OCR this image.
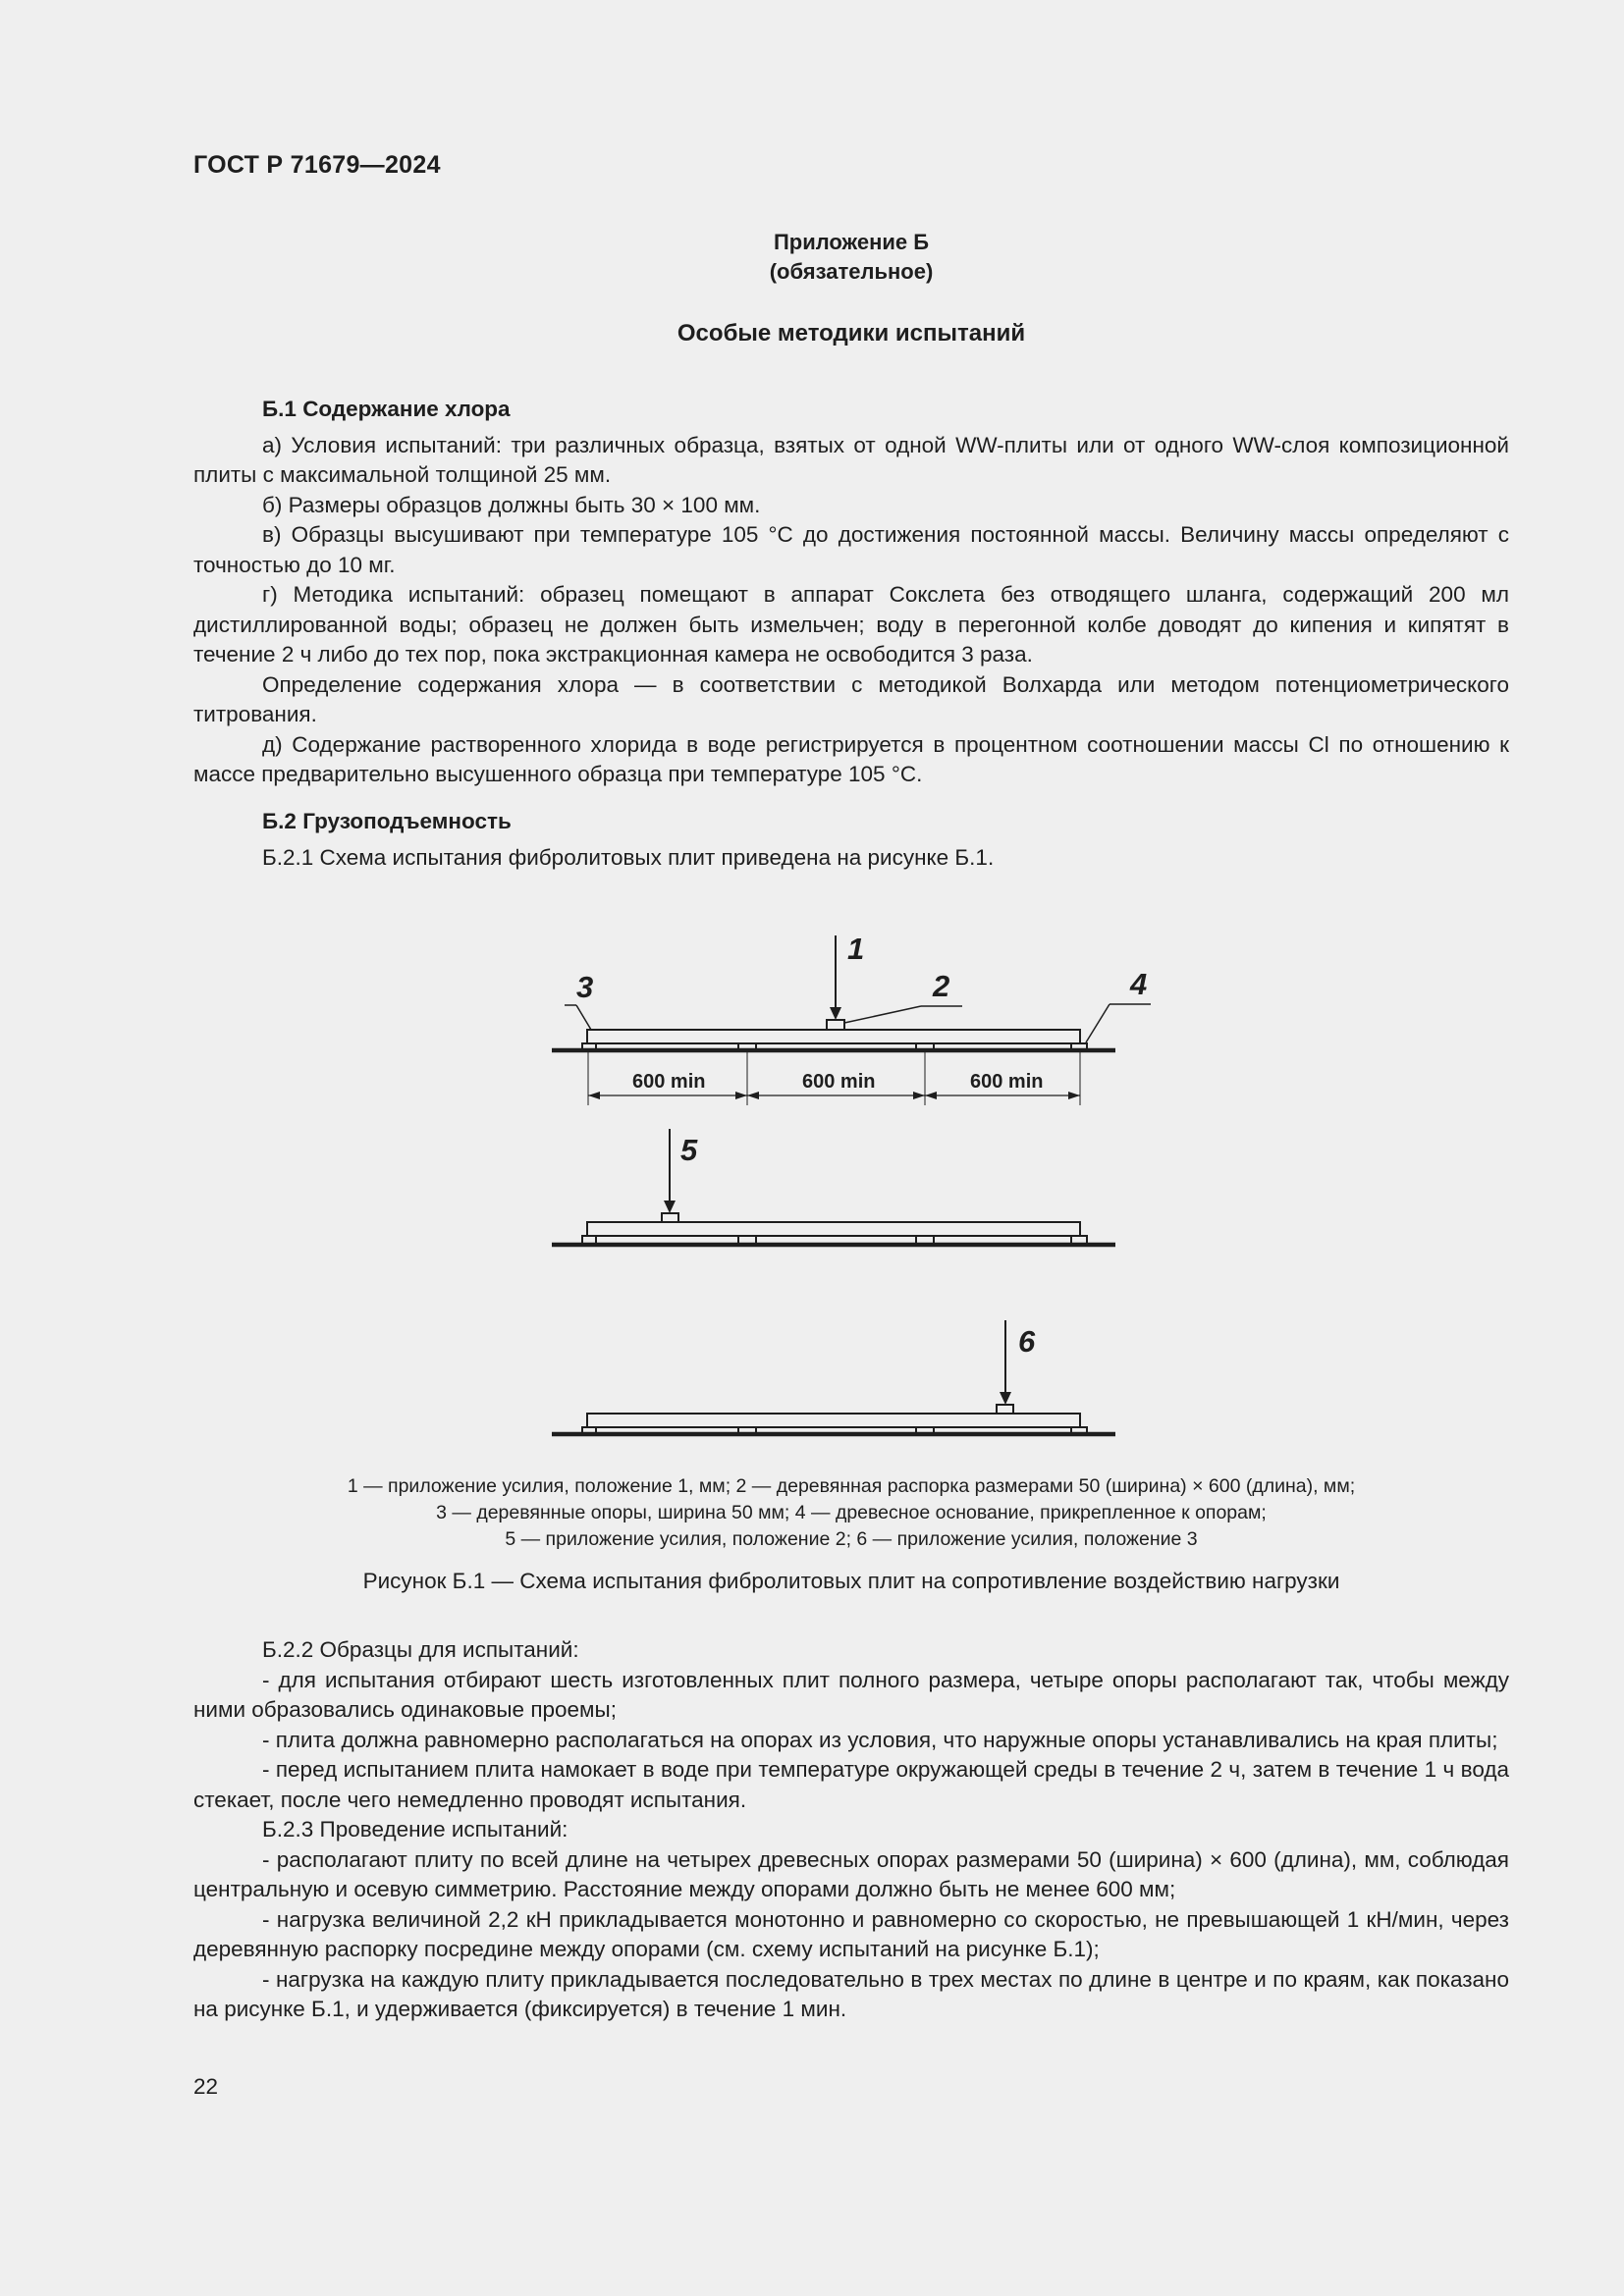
ГОСТ Р 71679—2024
Приложение Б
(обязательное)
Особые методики испытаний

Б.1 Содержание хлора

а) Условия испытаний: три различных образца, взятых от одной WW-плиты или от одного WW-слоя композиционной плиты с максимальной толщиной 25 мм.

б) Размеры образцов должны быть 30 × 100 мм.

в) Образцы высушивают при температуре 105 °С до достижения постоянной массы. Величину массы определяют с точностью до 10 мг.

г) Методика испытаний: образец помещают в аппарат Сокслета без отводящего шланга, содержащий 200 мл дистиллированной воды; образец не должен быть измельчен; воду в перегонной колбе доводят до кипения и кипятят в течение 2 ч либо до тех пор, пока экстракционная камера не освободится 3 раза.

Определение содержания хлора — в соответствии с методикой Волхарда или методом потенциометрического титрования.

д) Содержание растворенного хлорида в воде регистрируется в процентном соотношении массы Cl по отношению к массе предварительно высушенного образца при температуре 105 °С.

Б.2 Грузоподъемность

Б.2.1 Схема испытания фибролитовых плит приведена на рисунке Б.1.

1
2
3	4
5
6
600 min	600 min	600 min
1 — приложение усилия, положение 1, мм; 2 — деревянная распорка размерами 50 (ширина) × 600 (длина), мм;
3 — деревянные опоры, ширина 50 мм; 4 — древесное основание, прикрепленное к опорам;
5 — приложение усилия, положение 2; 6 — приложение усилия, положение 3
Рисунок Б.1 — Схема испытания фибролитовых плит на сопротивление воздействию нагрузки

Б.2.2 Образцы для испытаний:

- для испытания отбирают шесть изготовленных плит полного размера, четыре опоры располагают так, чтобы между ними образовались одинаковые проемы;

- плита должна равномерно располагаться на опорах из условия, что наружные опоры устанавливались на края плиты;

- перед испытанием плита намокает в воде при температуре окружающей среды в течение 2 ч, затем в течение 1 ч вода стекает, после чего немедленно проводят испытания.

Б.2.3 Проведение испытаний:

- располагают плиту по всей длине на четырех древесных опорах размерами 50 (ширина) × 600 (длина), мм, соблюдая центральную и осевую симметрию. Расстояние между опорами должно быть не менее 600 мм;

- нагрузка величиной 2,2 кН прикладывается монотонно и равномерно со скоростью, не превышающей 1 кН/мин, через деревянную распорку посредине между опорами (см. схему испытаний на рисунке Б.1);

- нагрузка на каждую плиту прикладывается последовательно в трех местах по длине в центре и по краям, как показано на рисунке Б.1, и удерживается (фиксируется) в течение 1 мин.

22
